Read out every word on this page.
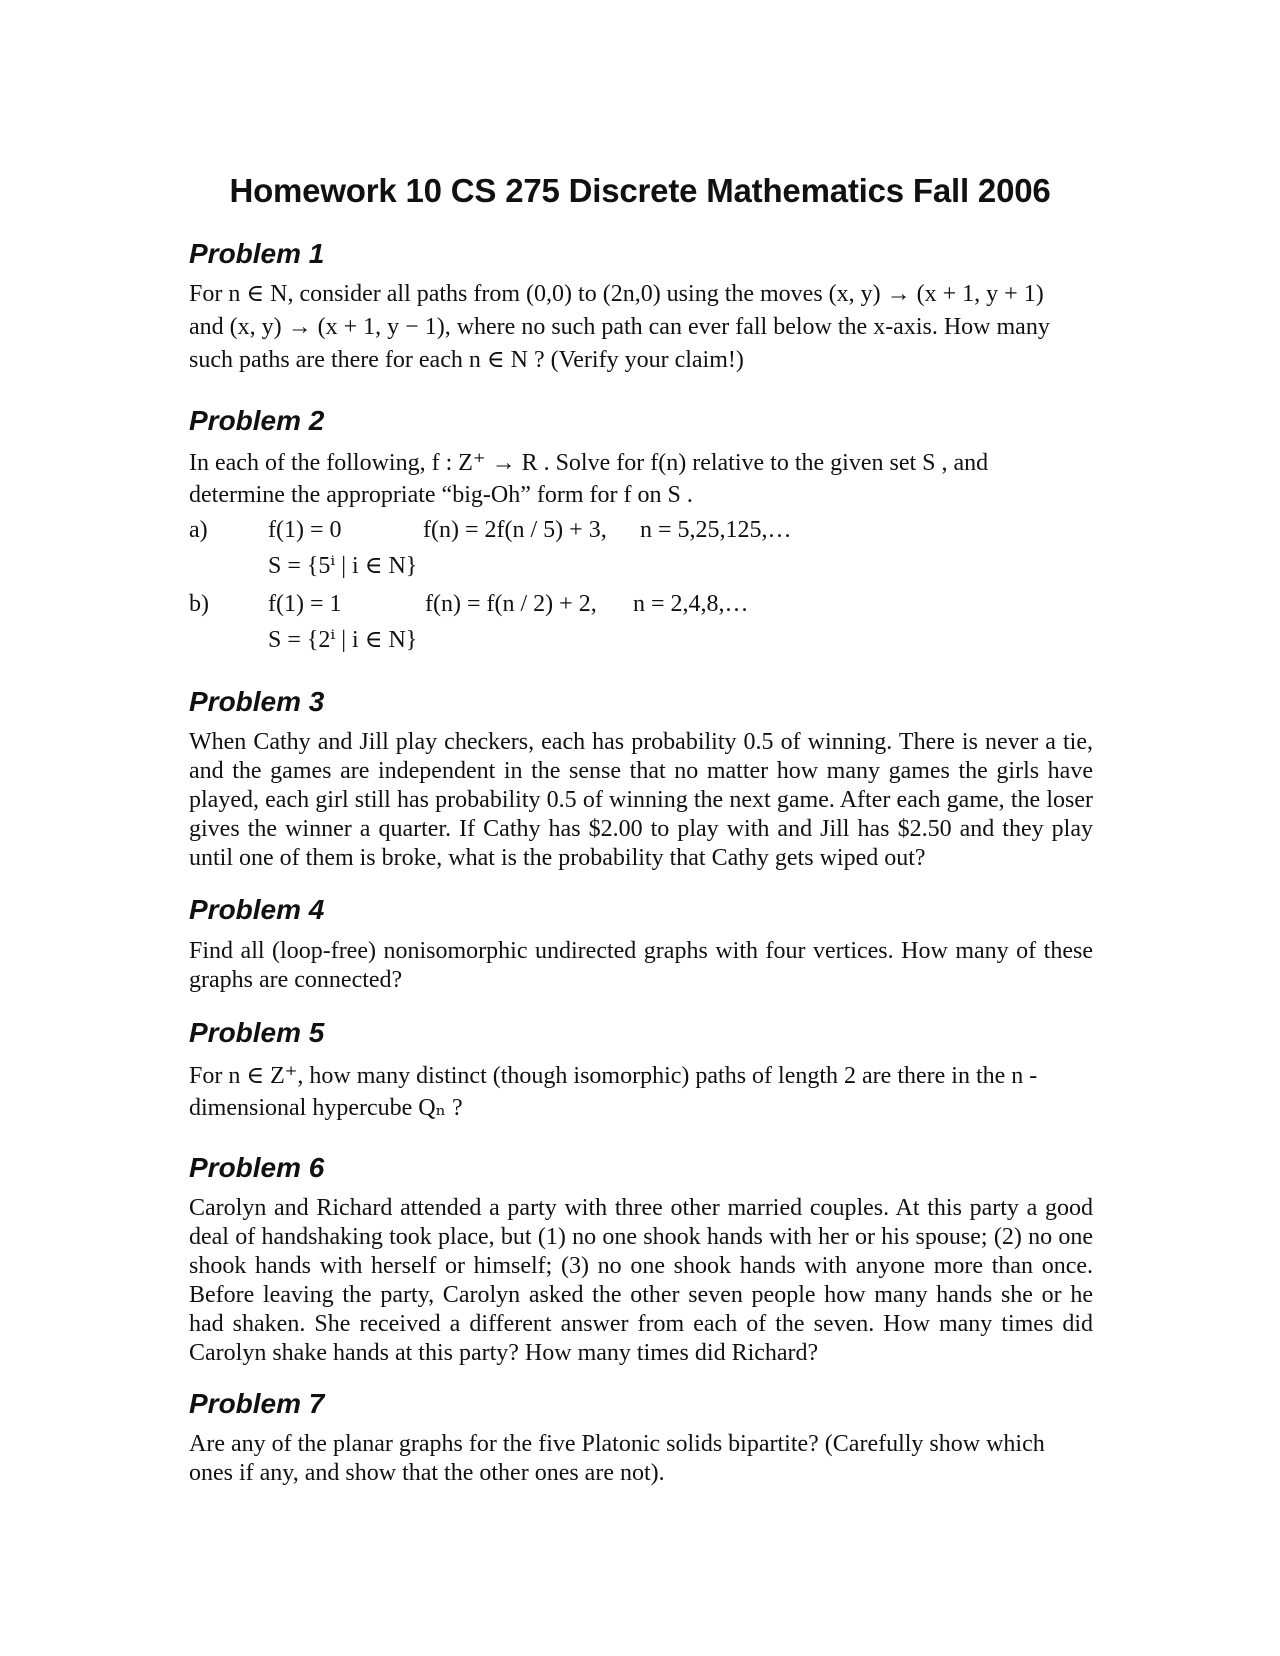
Homework 10 CS 275 Discrete Mathematics Fall 2006
Problem 1
For n ∈ N, consider all paths from (0,0) to (2n,0) using the moves (x, y) → (x + 1, y + 1)
and (x, y) → (x + 1, y − 1), where no such path can ever fall below the x-axis. How many
such paths are there for each n ∈ N ? (Verify your claim!)
Problem 2
In each of the following, f : Z⁺ → R . Solve for f(n) relative to the given set S , and
determine the appropriate “big-Oh” form for f on S .
a)	f(1) = 0	f(n) = 2f(n / 5) + 3, n = 5,25,125,…
S = {5ⁱ | i ∈ N}
b) f(1) = 1	f(n) = f(n / 2) + 2, n = 2,4,8,…
S = {2ⁱ | i ∈ N}
Problem 3
When Cathy and Jill play checkers, each has probability 0.5 of winning. There is never a tie, and the games are independent in the sense that no matter how many games the girls have played, each girl still has probability 0.5 of winning the next game. After each game, the loser gives the winner a quarter. If Cathy has $2.00 to play with and Jill has $2.50 and they play until one of them is broke, what is the probability that Cathy gets wiped out?
Problem 4
Find all (loop-free) nonisomorphic undirected graphs with four vertices. How many of these graphs are connected?
Problem 5
For n ∈ Z⁺, how many distinct (though isomorphic) paths of length 2 are there in the n -
dimensional hypercube Qₙ ?
Problem 6
Carolyn and Richard attended a party with three other married couples. At this party a good deal of handshaking took place, but (1) no one shook hands with her or his spouse; (2) no one shook hands with herself or himself; (3) no one shook hands with anyone more than once. Before leaving the party, Carolyn asked the other seven people how many hands she or he had shaken. She received a different answer from each of the seven. How many times did Carolyn shake hands at this party? How many times did Richard?
Problem 7
Are any of the planar graphs for the five Platonic solids bipartite? (Carefully show which
ones if any, and show that the other ones are not).
